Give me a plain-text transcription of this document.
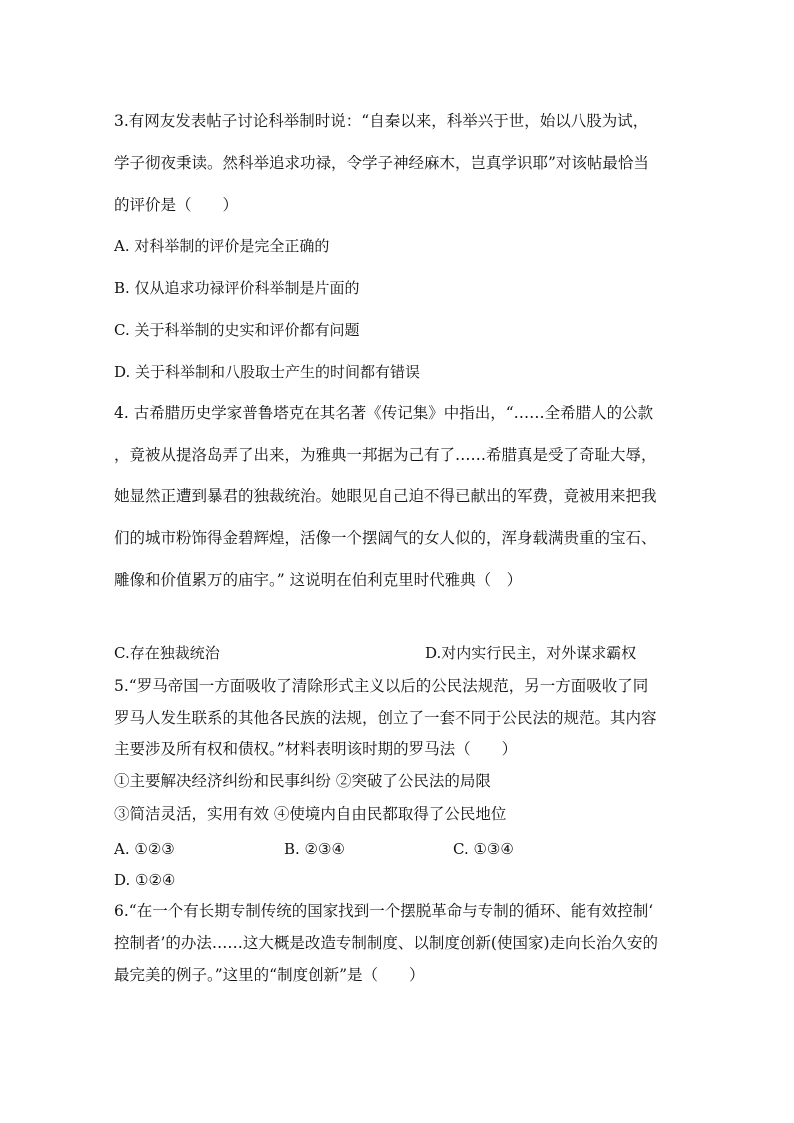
3.有网友发表帖子讨论科举制时说：“自秦以来，科举兴于世，始以八股为试，
学子彻夜秉读。然科举追求功禄，令学子神经麻木，岂真学识耶”对该帖最恰当
的评价是（　　）
A. 对科举制的评价是完全正确的
B. 仅从追求功禄评价科举制是片面的
C. 关于科举制的史实和评价都有问题
D. 关于科举制和八股取士产生的时间都有错误
4. 古希腊历史学家普鲁塔克在其名著《传记集》中指出，“……全希腊人的公款
，竟被从提洛岛弄了出来，为雅典一邦据为己有了……希腊真是受了奇耻大辱，
她显然正遭到暴君的独裁统治。她眼见自己迫不得已献出的军费，竟被用来把我
们的城市粉饰得金碧辉煌，活像一个摆阔气的女人似的，浑身载满贵重的宝石、
雕像和价值累万的庙宇。” 这说明在伯利克里时代雅典（　）
C.存在独裁统治	D.对内实行民主，对外谋求霸权
5.“罗马帝国一方面吸收了清除形式主义以后的公民法规范，另一方面吸收了同
罗马人发生联系的其他各民族的法规，创立了一套不同于公民法的规范。其内容
主要涉及所有权和债权。”材料表明该时期的罗马法（　　）
①主要解决经济纠纷和民事纠纷 ②突破了公民法的局限
③简洁灵活，实用有效 ④使境内自由民都取得了公民地位
A. ①②③	B. ②③④	C. ①③④
D. ①②④
6.“在一个有长期专制传统的国家找到一个摆脱革命与专制的循环、能有效控制‘
控制者’的办法……这大概是改造专制制度、以制度创新(使国家)走向长治久安的
最完美的例子。”这里的“制度创新”是（　　）
